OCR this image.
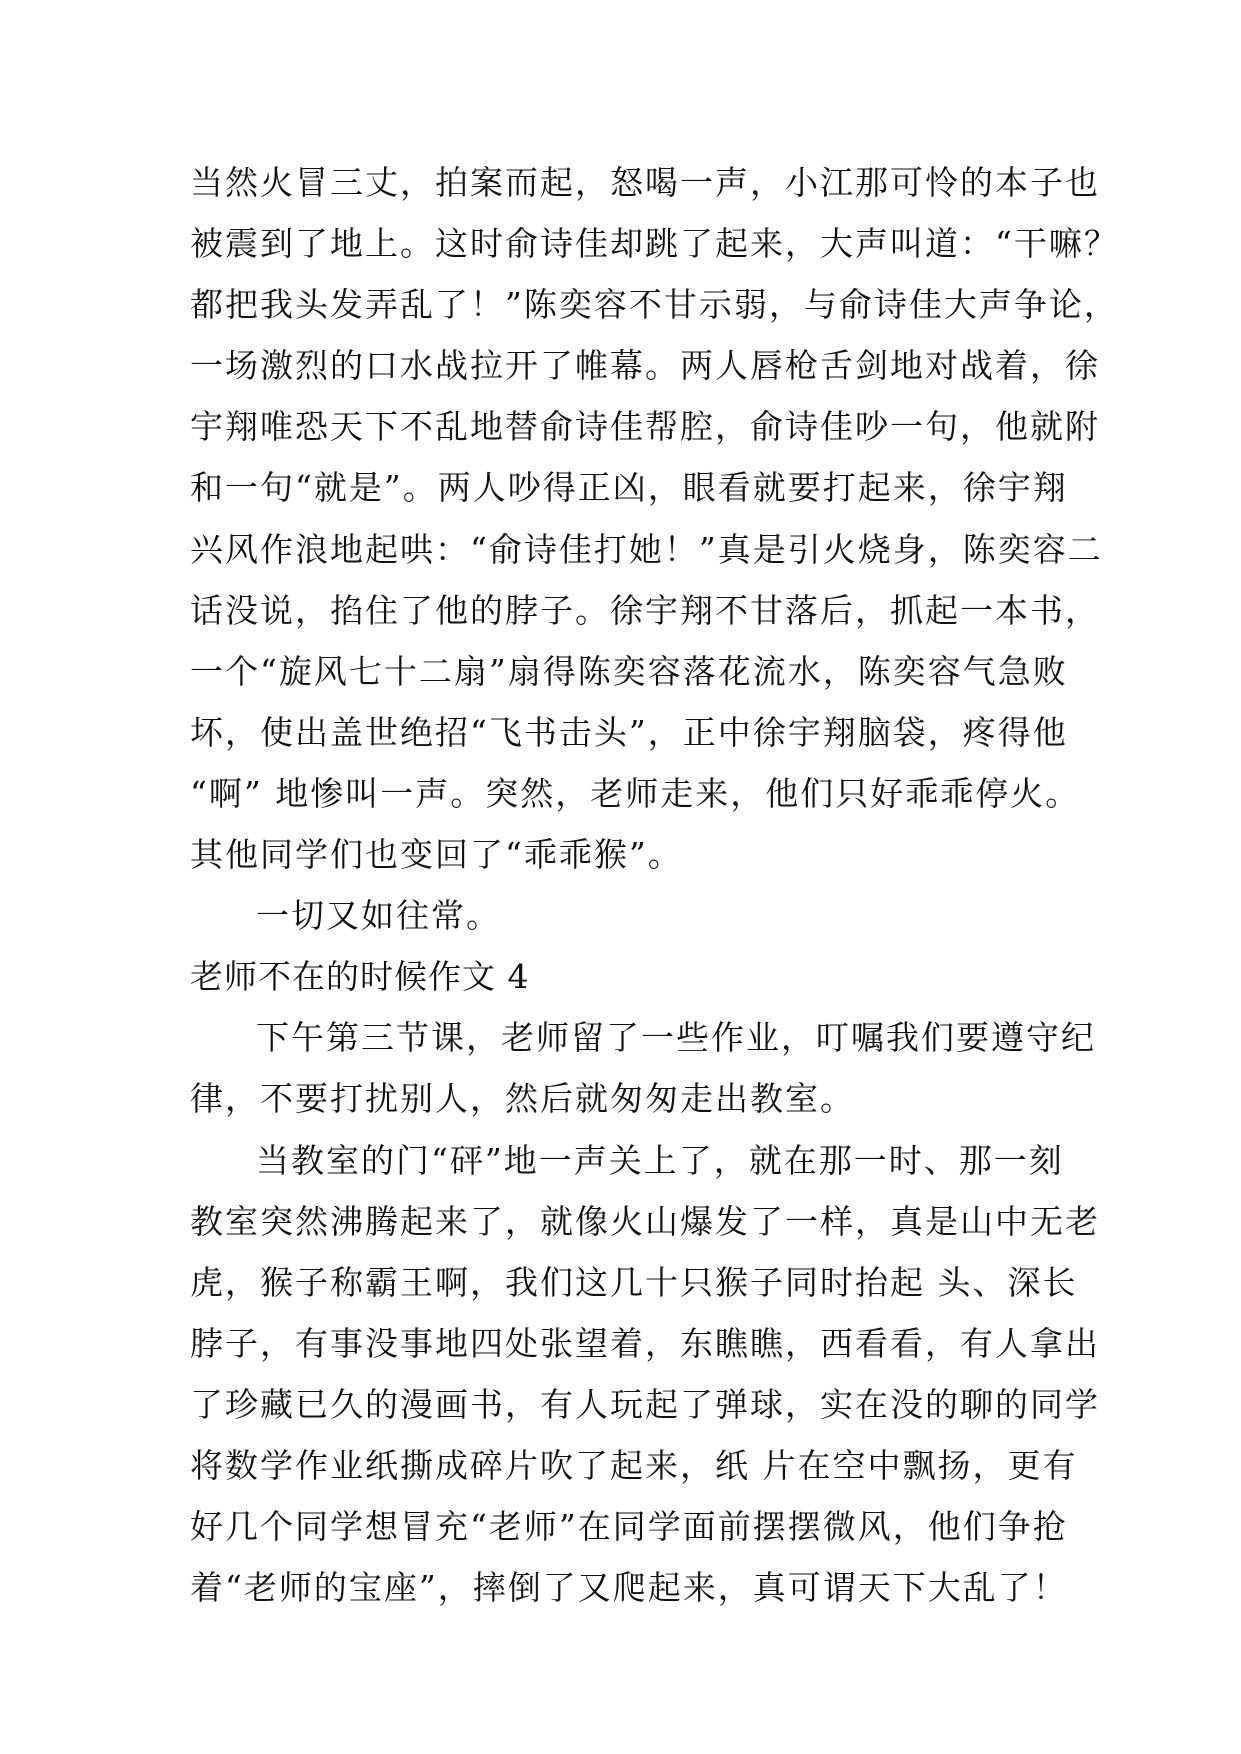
当然火冒三丈，拍案而起，怒喝一声，小江那可怜的本子也
被震到了地上。这时俞诗佳却跳了起来，大声叫道：“干嘛？
都把我头发弄乱了！”陈奕容不甘示弱，与俞诗佳大声争论，
一场激烈的口水战拉开了帷幕。两人唇枪舌剑地对战着，徐
宇翔唯恐天下不乱地替俞诗佳帮腔，俞诗佳吵一句，他就附
和一句“就是”。两人吵得正凶，眼看就要打起来，徐宇翔
兴风作浪地起哄：“俞诗佳打她！”真是引火烧身，陈奕容二
话没说，掐住了他的脖子。徐宇翔不甘落后，抓起一本书，
一个“旋风七十二扇”扇得陈奕容落花流水，陈奕容气急败
坏，使出盖世绝招“飞书击头”，正中徐宇翔脑袋，疼得他
“啊” 地惨叫一声。突然，老师走来，他们只好乖乖停火。
其他同学们也变回了“乖乖猴”。
一切又如往常。
老师不在的时候作文 4
下午第三节课，老师留了一些作业，叮嘱我们要遵守纪
律，不要打扰别人，然后就匆匆走出教室。
当教室的门“砰”地一声关上了，就在那一时、那一刻
教室突然沸腾起来了，就像火山爆发了一样，真是山中无老
虎，猴子称霸王啊，我们这几十只猴子同时抬起 头、深长
脖子，有事没事地四处张望着，东瞧瞧，西看看，有人拿出
了珍藏已久的漫画书，有人玩起了弹球，实在没的聊的同学
将数学作业纸撕成碎片吹了起来，纸 片在空中飘扬，更有
好几个同学想冒充“老师”在同学面前摆摆微风，他们争抢
着“老师的宝座”，摔倒了又爬起来，真可谓天下大乱了！
